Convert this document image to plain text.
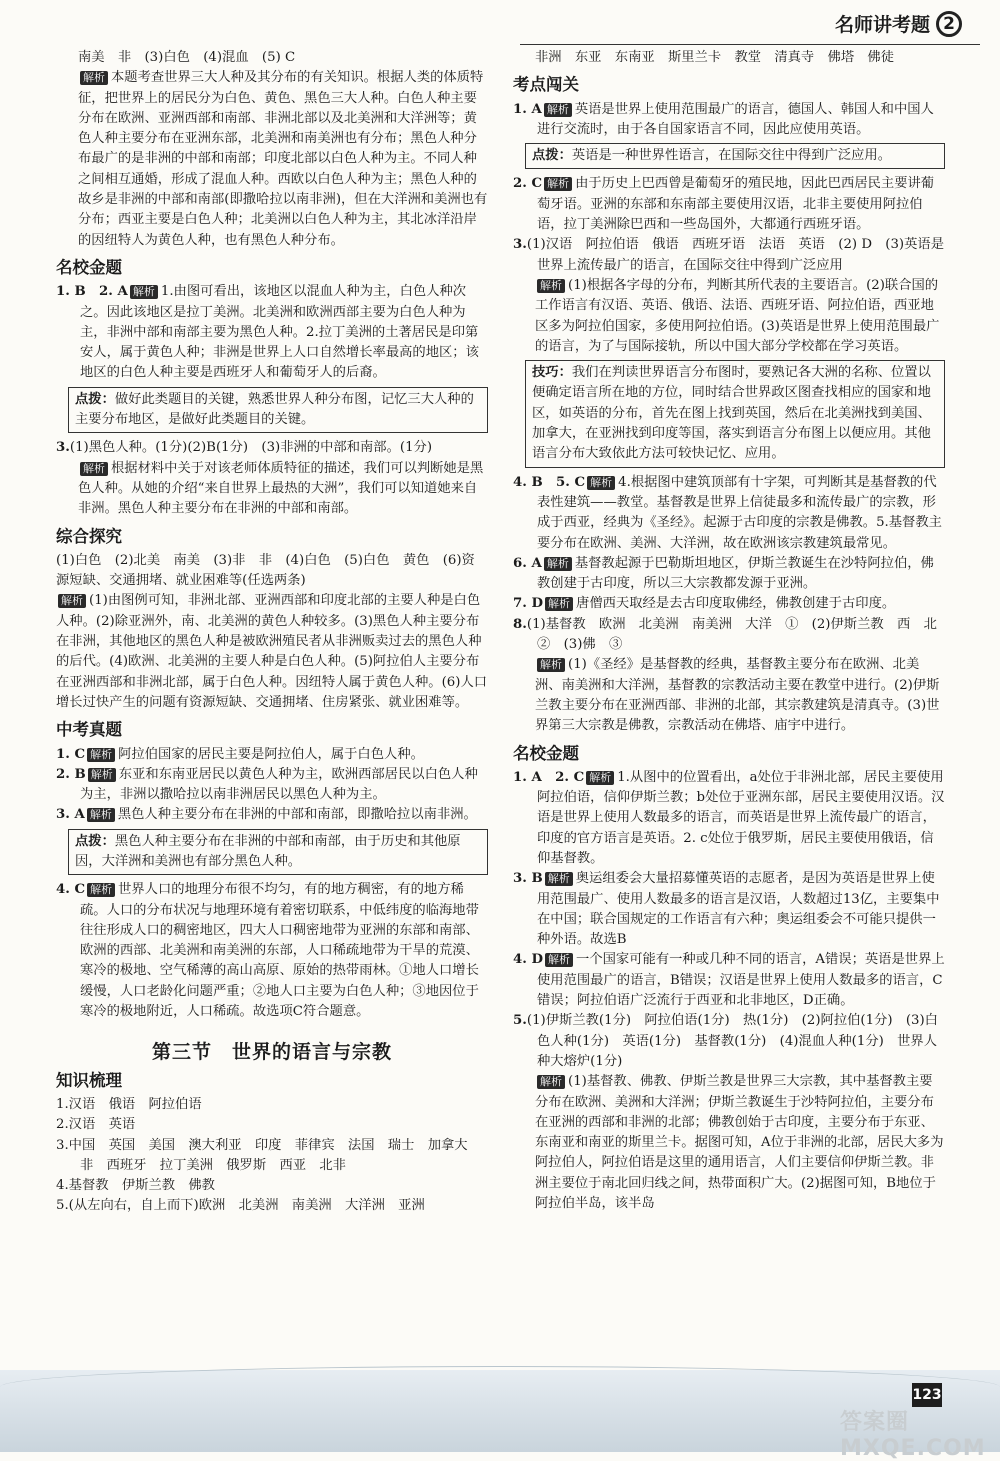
名师讲考题 2

南美　非　(3)白色　(4)混血　(5) C

解析 本题考查世界三大人种及其分布的有关知识。根据人类的体质特征，把世界上的居民分为白色、黄色、黑色三大人种。白色人种主要分布在欧洲、亚洲西部和南部、非洲北部以及北美洲和大洋洲等；黄色人种主要分布在亚洲东部，北美洲和南美洲也有分布；黑色人种分布最广的是非洲的中部和南部；印度北部以白色人种为主。不同人种之间相互通婚，形成了混血人种。西欧以白色人种为主；黑色人种的故乡是非洲的中部和南部(即撒哈拉以南非洲)，但在大洋洲和美洲也有分布；西亚主要是白色人种；北美洲以白色人种为主，其北冰洋沿岸的因纽特人为黄色人种，也有黑色人种分布。

名校金题

1. B　2. A 解析 1.由图可看出，该地区以混血人种为主，白色人种次之。因此该地区是拉丁美洲。北美洲和欧洲西部主要为白色人种为主，非洲中部和南部主要为黑色人种。2.拉丁美洲的土著居民是印第安人，属于黄色人种；非洲是世界上人口自然增长率最高的地区；该地区的白色人种主要是西班牙人和葡萄牙人的后裔。

点拨：做好此类题目的关键，熟悉世界人种分布图，记忆三大人种的主要分布地区，是做好此类题目的关键。

3.(1)黑色人种。(1分)(2)B(1分)　(3)非洲的中部和南部。(1分)

解析 根据材料中关于对该老师体质特征的描述，我们可以判断她是黑色人种。从她的介绍“来自世界上最热的大洲”，我们可以知道她来自非洲。黑色人种主要分布在非洲的中部和南部。

综合探究

(1)白色　(2)北美　南美　(3)非　非　(4)白色　(5)白色　黄色　(6)资源短缺、交通拥堵、就业困难等(任选两条)

解析 (1)由图例可知，非洲北部、亚洲西部和印度北部的主要人种是白色人种。(2)除亚洲外，南、北美洲的黄色人种较多。(3)黑色人种主要分布在非洲，其他地区的黑色人种是被欧洲殖民者从非洲贩卖过去的黑色人种的后代。(4)欧洲、北美洲的主要人种是白色人种。(5)阿拉伯人主要分布在亚洲西部和非洲北部，属于白色人种。因纽特人属于黄色人种。(6)人口增长过快产生的问题有资源短缺、交通拥堵、住房紧张、就业困难等。

中考真题

1. C 解析 阿拉伯国家的居民主要是阿拉伯人，属于白色人种。

2. B 解析 东亚和东南亚居民以黄色人种为主，欧洲西部居民以白色人种为主，非洲以撒哈拉以南非洲居民以黑色人种为主。

3. A 解析 黑色人种主要分布在非洲的中部和南部，即撒哈拉以南非洲。

点拨：黑色人种主要分布在非洲的中部和南部，由于历史和其他原因，大洋洲和美洲也有部分黑色人种。

4. C 解析 世界人口的地理分布很不均匀，有的地方稠密，有的地方稀疏。人口的分布状况与地理环境有着密切联系，中低纬度的临海地带往往形成人口的稠密地区，四大人口稠密地带为亚洲的东部和南部、欧洲的西部、北美洲和南美洲的东部，人口稀疏地带为干旱的荒漠、寒冷的极地、空气稀薄的高山高原、原始的热带雨林。①地人口增长缓慢，人口老龄化问题严重；②地人口主要为白色人种；③地因位于寒冷的极地附近，人口稀疏。故选项C符合题意。

第三节　世界的语言与宗教
知识梳理

1.汉语　俄语　阿拉伯语

2.汉语　英语

3.中国　英国　美国　澳大利亚　印度　菲律宾　法国　瑞士　加拿大　非　西班牙　拉丁美洲　俄罗斯　西亚　北非

4.基督教　伊斯兰教　佛教

5.(从左向右，自上而下)欧洲　北美洲　南美洲　大洋洲　亚洲

非洲　东亚　东南亚　斯里兰卡　教堂　清真寺　佛塔　佛徒

考点闯关

1. A 解析 英语是世界上使用范围最广的语言，德国人、韩国人和中国人进行交流时，由于各自国家语言不同，因此应使用英语。

点拨：英语是一种世界性语言，在国际交往中得到广泛应用。

2. C 解析 由于历史上巴西曾是葡萄牙的殖民地，因此巴西居民主要讲葡萄牙语。亚洲的东部和东南部主要使用汉语，北非主要使用阿拉伯语，拉丁美洲除巴西和一些岛国外，大都通行西班牙语。

3.(1)汉语　阿拉伯语　俄语　西班牙语　法语　英语　(2) D　(3)英语是世界上流传最广的语言，在国际交往中得到广泛应用

解析 (1)根据各字母的分布，判断其所代表的主要语言。(2)联合国的工作语言有汉语、英语、俄语、法语、西班牙语、阿拉伯语，西亚地区多为阿拉伯国家，多使用阿拉伯语。(3)英语是世界上使用范围最广的语言，为了与国际接轨，所以中国大部分学校都在学习英语。

技巧：我们在判读世界语言分布图时，要熟记各大洲的名称、位置以便确定语言所在地的方位，同时结合世界政区图查找相应的国家和地区，如英语的分布，首先在图上找到英国，然后在北美洲找到美国、加拿大，在亚洲找到印度等国，落实到语言分布图上以便应用。其他语言分布大致依此方法可较快记忆、应用。

4. B　5. C 解析 4.根据图中建筑顶部有十字架，可判断其是基督教的代表性建筑——教堂。基督教是世界上信徒最多和流传最广的宗教，形成于西亚，经典为《圣经》。起源于古印度的宗教是佛教。5.基督教主要分布在欧洲、美洲、大洋洲，故在欧洲该宗教建筑最常见。

6. A 解析 基督教起源于巴勒斯坦地区，伊斯兰教诞生在沙特阿拉伯，佛教创建于古印度，所以三大宗教都发源于亚洲。

7. D 解析 唐僧西天取经是去古印度取佛经，佛教创建于古印度。

8.(1)基督教　欧洲　北美洲　南美洲　大洋　①　(2)伊斯兰教　西　北　②　(3)佛　③

解析 (1)《圣经》是基督教的经典，基督教主要分布在欧洲、北美洲、南美洲和大洋洲，基督教的宗教活动主要在教堂中进行。(2)伊斯兰教主要分布在亚洲西部、非洲的北部，其宗教建筑是清真寺。(3)世界第三大宗教是佛教，宗教活动在佛塔、庙宇中进行。

名校金题

1. A　2. C 解析 1.从图中的位置看出，a处位于非洲北部，居民主要使用阿拉伯语，信仰伊斯兰教；b处位于亚洲东部，居民主要使用汉语。汉语是世界上使用人数最多的语言，而英语是世界上流传最广的语言，印度的官方语言是英语。2. c处位于俄罗斯，居民主要使用俄语，信仰基督教。

3. B 解析 奥运组委会大量招募懂英语的志愿者，是因为英语是世界上使用范围最广、使用人数最多的语言是汉语，人数超过13亿，主要集中在中国；联合国规定的工作语言有六种；奥运组委会不可能只提供一种外语。故选B

4. D 解析 一个国家可能有一种或几种不同的语言，A错误；英语是世界上使用范围最广的语言，B错误；汉语是世界上使用人数最多的语言，C错误；阿拉伯语广泛流行于西亚和北非地区，D正确。

5.(1)伊斯兰教(1分)　阿拉伯语(1分)　热(1分)　(2)阿拉伯(1分)　(3)白色人种(1分)　英语(1分)　基督教(1分)　(4)混血人种(1分)　世界人种大熔炉(1分)

解析 (1)基督教、佛教、伊斯兰教是世界三大宗教，其中基督教主要分布在欧洲、美洲和大洋洲；伊斯兰教诞生于沙特阿拉伯，主要分布在亚洲的西部和非洲的北部；佛教创始于古印度，主要分布于东亚、东南亚和南亚的斯里兰卡。据图可知，A位于非洲的北部，居民大多为阿拉伯人，阿拉伯语是这里的通用语言，人们主要信仰伊斯兰教。非洲主要位于南北回归线之间，热带面积广大。(2)据图可知，B地位于阿拉伯半岛，该半岛

123
答案圈 MXQE.COM
